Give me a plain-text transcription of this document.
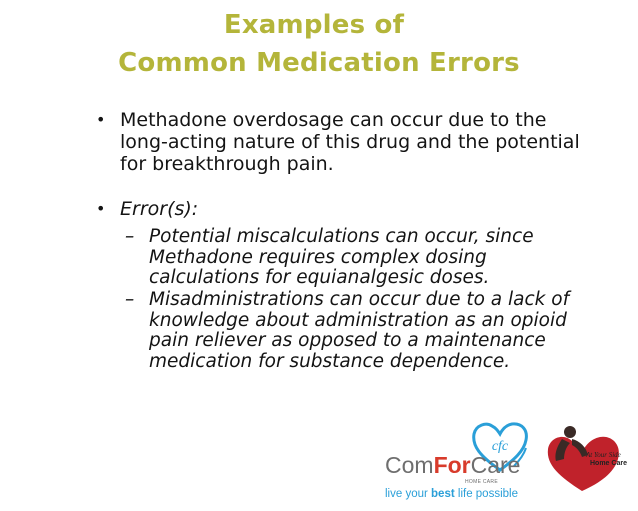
Examples of
Common Medication Errors
• Methadone overdosage can occur due to the long-acting nature of this drug and the potential for breakthrough pain.
• Error(s):
– Potential miscalculations can occur, since Methadone requires complex dosing calculations for equianalgesic doses.
– Misadministrations can occur due to a lack of knowledge about administration as an opioid pain reliever as opposed to a maintenance medication for substance dependence.
cfc
ComForCare
HOME CARE
live your best life possible
At Your Side
Home Care
